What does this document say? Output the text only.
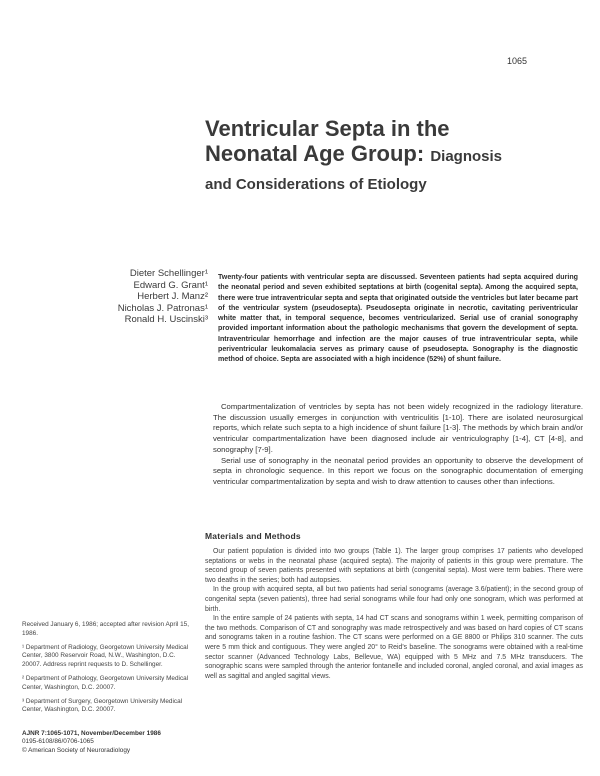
1065
Ventricular Septa in the
Neonatal Age Group: Diagnosis
and Considerations of Etiology
Dieter Schellinger¹
Edward G. Grant¹
Herbert J. Manz²
Nicholas J. Patronas¹
Ronald H. Uscinski³
Twenty-four patients with ventricular septa are discussed. Seventeen patients had septa acquired during the neonatal period and seven exhibited septations at birth (cogenital septa). Among the acquired septa, there were true intraventricular septa and septa that originated outside the ventricles but later became part of the ventricular system (pseudosepta). Pseudosepta originate in necrotic, cavitating periventricular white matter that, in temporal sequence, becomes ventricularized. Serial use of cranial sonography provided important information about the pathologic mechanisms that govern the development of septa. Intraventricular hemorrhage and infection are the major causes of true intraventricular septa, while periventricular leukomalacia serves as primary cause of pseudosepta. Sonography is the diagnostic method of choice. Septa are associated with a high incidence (52%) of shunt failure.

Compartmentalization of ventricles by septa has not been widely recognized in the radiology literature. The discussion usually emerges in conjunction with ventriculitis [1-10]. There are isolated neurosurgical reports, which relate such septa to a high incidence of shunt failure [1-3]. The methods by which brain and/or ventricular compartmentalization have been diagnosed include air ventriculography [1-4], CT [4-8], and sonography [7-9].

Serial use of sonography in the neonatal period provides an opportunity to observe the development of septa in chronologic sequence. In this report we focus on the sonographic documentation of emerging ventricular compartmentalization by septa and wish to draw attention to causes other than infections.

Materials and Methods

Our patient population is divided into two groups (Table 1). The larger group comprises 17 patients who developed septations or webs in the neonatal phase (acquired septa). The majority of patients in this group were premature. The second group of seven patients presented with septations at birth (congenital septa). Most were term babies. There were two deaths in the series; both had autopsies.

In the group with acquired septa, all but two patients had serial sonograms (average 3.6/patient); in the second group of congenital septa (seven patients), three had serial sonograms while four had only one sonogram, which was performed at birth.

In the entire sample of 24 patients with septa, 14 had CT scans and sonograms within 1 week, permitting comparison of the two methods. Comparison of CT and sonography was made retrospectively and was based on hard copies of CT scans and sonograms taken in a routine fashion. The CT scans were performed on a GE 8800 or Philips 310 scanner. The cuts were 5 mm thick and contiguous. They were angled 20° to Reid's baseline. The sonograms were obtained with a real-time sector scanner (Advanced Technology Labs, Bellevue, WA) equipped with 5 MHz and 7.5 MHz transducers. The sonographic scans were sampled through the anterior fontanelle and included coronal, angled coronal, and axial images as well as sagittal and angled sagittal views.

Received January 6, 1986; accepted after revision April 15, 1986.

¹ Department of Radiology, Georgetown University Medical Center, 3800 Reservoir Road, N.W., Washington, D.C. 20007. Address reprint requests to D. Schellinger.

² Department of Pathology, Georgetown University Medical Center, Washington, D.C. 20007.

³ Department of Surgery, Georgetown University Medical Center, Washington, D.C. 20007.

AJNR 7:1065-1071, November/December 1986
0195-6108/86/0706-1065
© American Society of Neuroradiology
